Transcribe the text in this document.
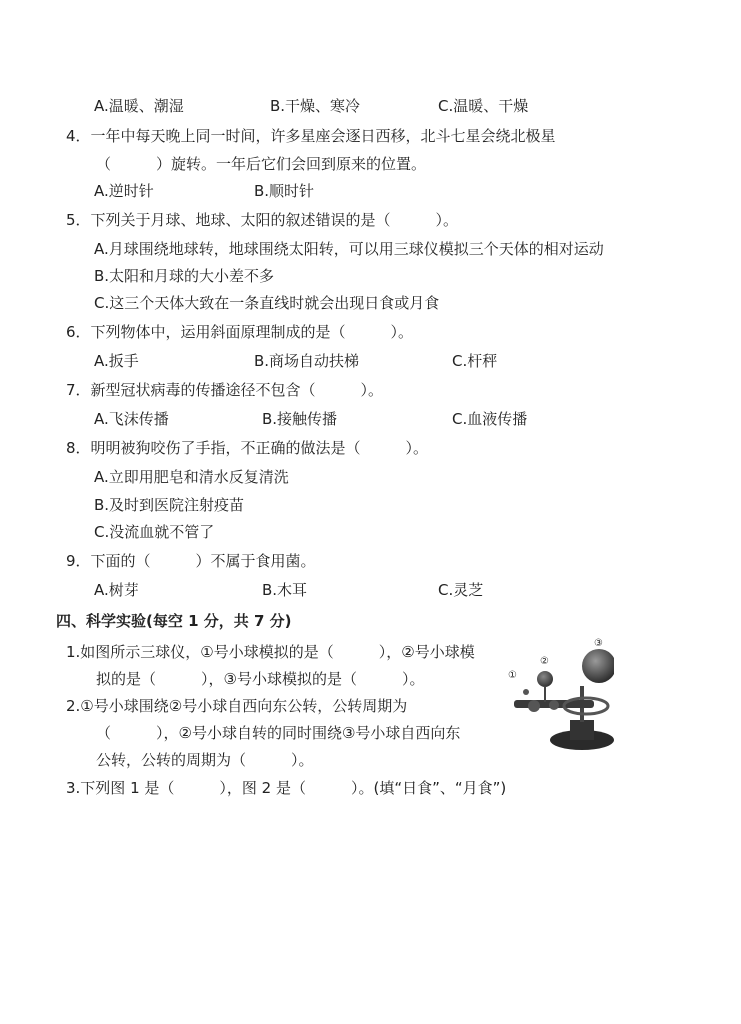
A.温暖、潮湿	B.干燥、寒冷	C.温暖、干燥
4．一年中每天晚上同一时间，许多星座会逐日西移，北斗七星会绕北极星
（　　　）旋转。一年后它们会回到原来的位置。
A.逆时针	B.顺时针
5．下列关于月球、地球、太阳的叙述错误的是（　　　）。
A.月球围绕地球转，地球围绕太阳转，可以用三球仪模拟三个天体的相对运动
B.太阳和月球的大小差不多
C.这三个天体大致在一条直线时就会出现日食或月食
6．下列物体中，运用斜面原理制成的是（　　　）。
A.扳手	B.商场自动扶梯	C.杆秤
7．新型冠状病毒的传播途径不包含（　　　）。
A.飞沫传播	B.接触传播	C.血液传播
8．明明被狗咬伤了手指，不正确的做法是（　　　）。
A.立即用肥皂和清水反复清洗
B.及时到医院注射疫苗
C.没流血就不管了
9．下面的（　　　）不属于食用菌。
A.树芽	B.木耳	C.灵芝
四、科学实验(每空 1 分，共 7 分)
1.如图所示三球仪，①号小球模拟的是（　　　），②号小球模
拟的是（　　　），③号小球模拟的是（　　　）。
2.①号小球围绕②号小球自西向东公转，公转周期为
（　　　），②号小球自转的同时围绕③号小球自西向东
公转，公转的周期为（　　　）。
3.下列图 1 是（　　　），图 2 是（　　　）。(填“日食”、“月食”)
①
②
③
